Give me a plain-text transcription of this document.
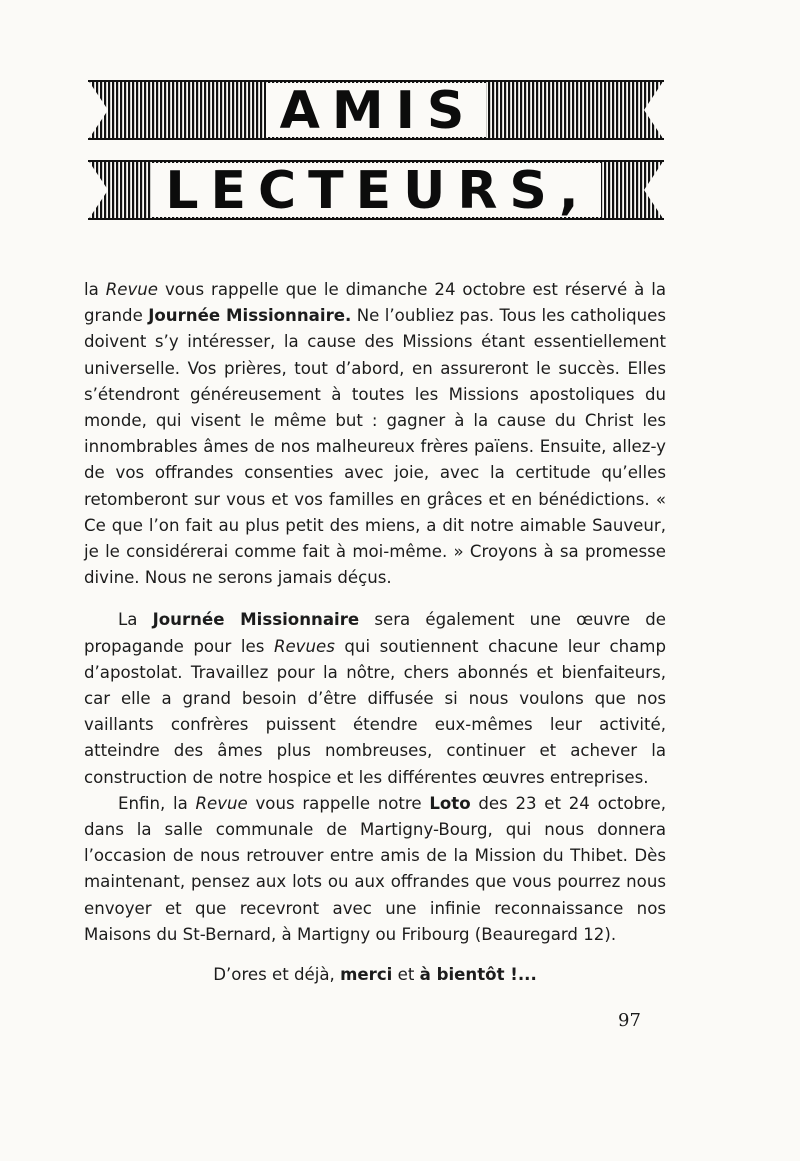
AMIS
LECTEURS,

la Revue vous rappelle que le dimanche 24 octobre est réservé à la grande Journée Missionnaire. Ne l’oubliez pas. Tous les catholiques doivent s’y intéresser, la cause des Missions étant essentiellement universelle. Vos prières, tout d’abord, en assureront le succès. Elles s’étendront généreusement à toutes les Missions apostoliques du monde, qui visent le même but : gagner à la cause du Christ les innombrables âmes de nos malheureux frères païens. Ensuite, allez-y de vos offrandes consenties avec joie, avec la certitude qu’elles retomberont sur vous et vos familles en grâces et en bénédictions. « Ce que l’on fait au plus petit des miens, a dit notre aimable Sauveur, je le considérerai comme fait à moi-même. » Croyons à sa promesse divine. Nous ne serons jamais déçus.

La Journée Missionnaire sera également une œuvre de propagande pour les Revues qui soutiennent chacune leur champ d’apostolat. Travaillez pour la nôtre, chers abonnés et bienfaiteurs, car elle a grand besoin d’être diffusée si nous voulons que nos vaillants confrères puissent étendre eux-mêmes leur activité, atteindre des âmes plus nombreuses, continuer et achever la construction de notre hospice et les différentes œuvres entreprises.

Enfin, la Revue vous rappelle notre Loto des 23 et 24 octobre, dans la salle communale de Martigny-Bourg, qui nous donnera l’occasion de nous retrouver entre amis de la Mission du Thibet. Dès maintenant, pensez aux lots ou aux offrandes que vous pourrez nous envoyer et que recevront avec une infinie reconnaissance nos Maisons du St-Bernard, à Martigny ou Fribourg (Beauregard 12).

D’ores et déjà, merci et à bientôt !...
97
